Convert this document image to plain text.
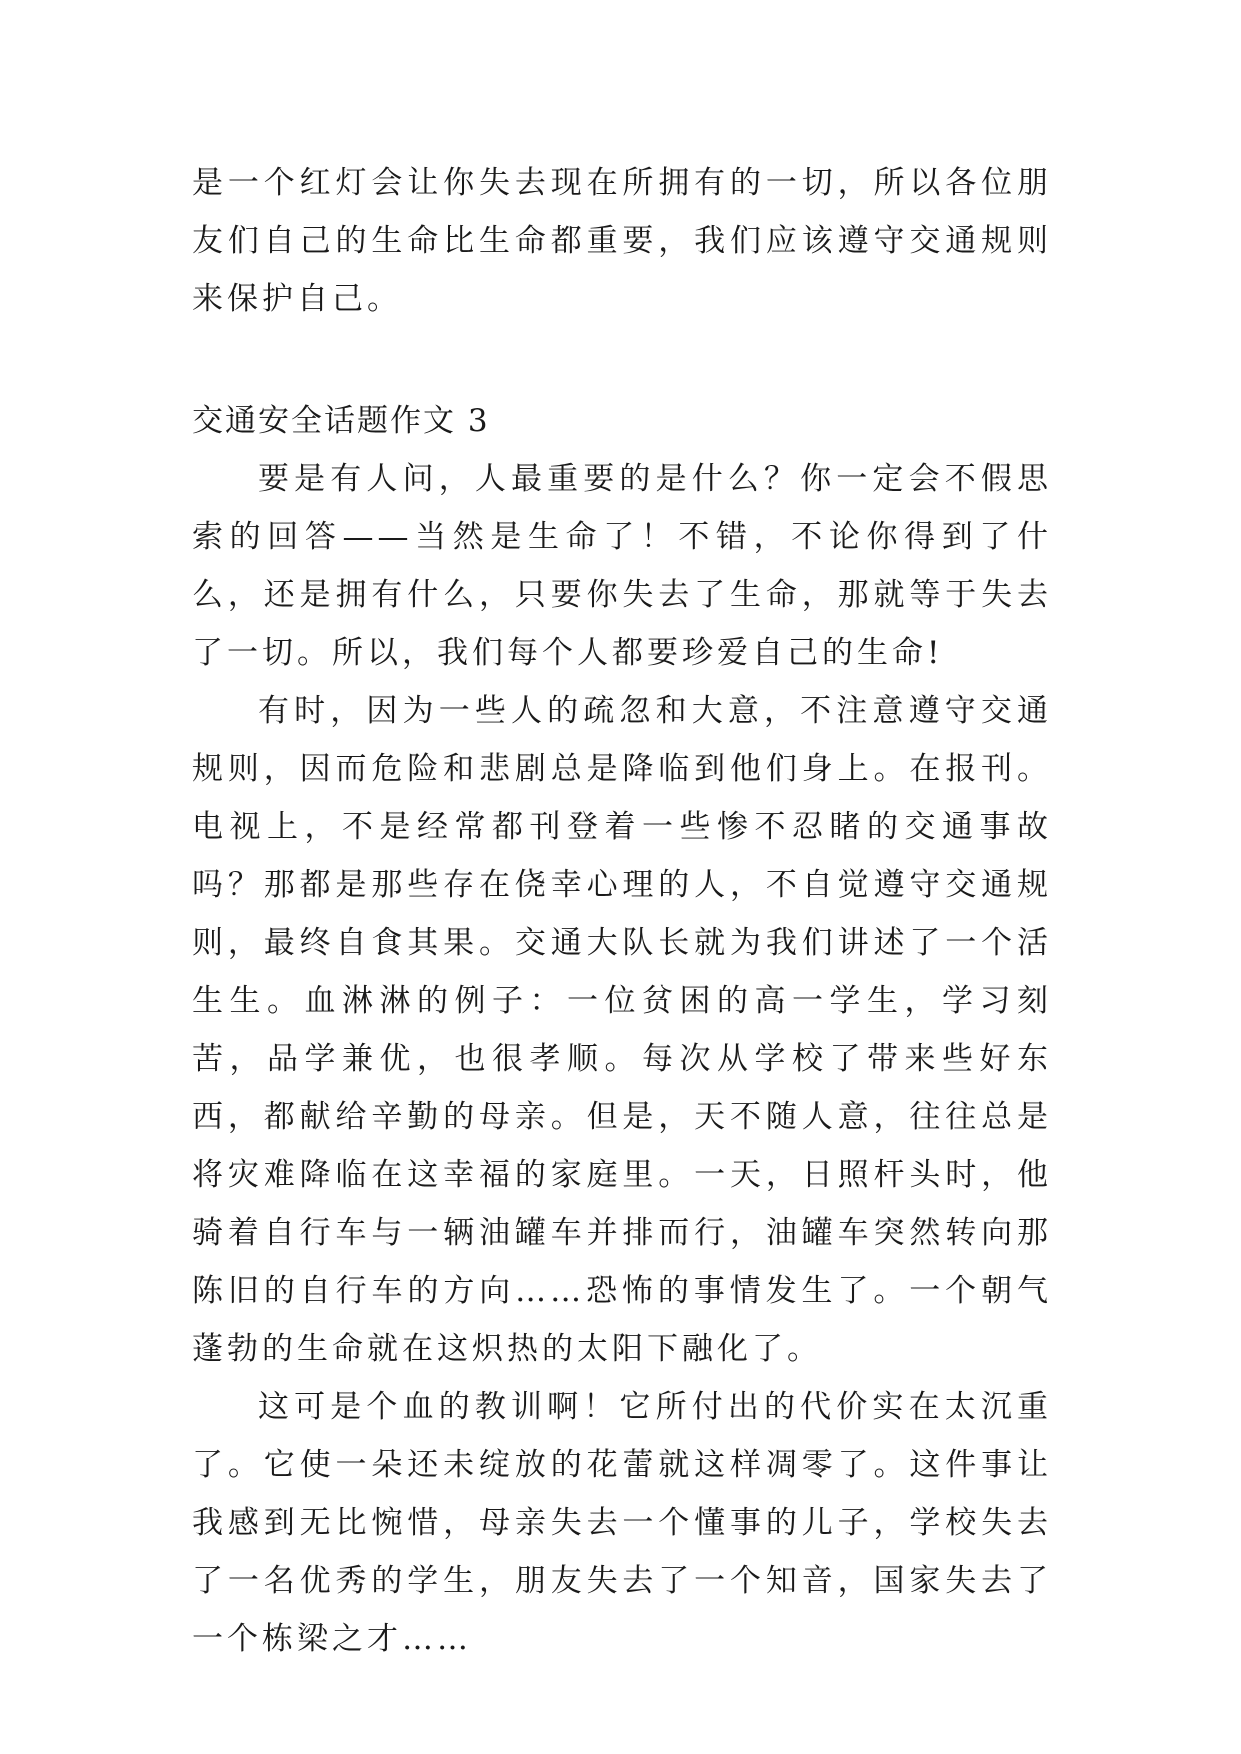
是一个红灯会让你失去现在所拥有的一切，所以各位朋友们自己的生命比生命都重要，我们应该遵守交通规则来保护自己。

交通安全话题作文 3

要是有人问，人最重要的是什么？你一定会不假思索的回答——当然是生命了！不错，不论你得到了什么，还是拥有什么，只要你失去了生命，那就等于失去了一切。所以，我们每个人都要珍爱自己的生命!

有时，因为一些人的疏忽和大意，不注意遵守交通规则，因而危险和悲剧总是降临到他们身上。在报刊。电视上，不是经常都刊登着一些惨不忍睹的交通事故吗？那都是那些存在侥幸心理的人，不自觉遵守交通规则，最终自食其果。交通大队长就为我们讲述了一个活生生。血淋淋的例子：一位贫困的高一学生，学习刻苦，品学兼优，也很孝顺。每次从学校了带来些好东西，都献给辛勤的母亲。但是，天不随人意，往往总是将灾难降临在这幸福的家庭里。一天，日照杆头时，他骑着自行车与一辆油罐车并排而行，油罐车突然转向那陈旧的自行车的方向……恐怖的事情发生了。一个朝气蓬勃的生命就在这炽热的太阳下融化了。

这可是个血的教训啊！它所付出的代价实在太沉重了。它使一朵还未绽放的花蕾就这样凋零了。这件事让我感到无比惋惜，母亲失去一个懂事的儿子，学校失去了一名优秀的学生，朋友失去了一个知音，国家失去了一个栋梁之才……
